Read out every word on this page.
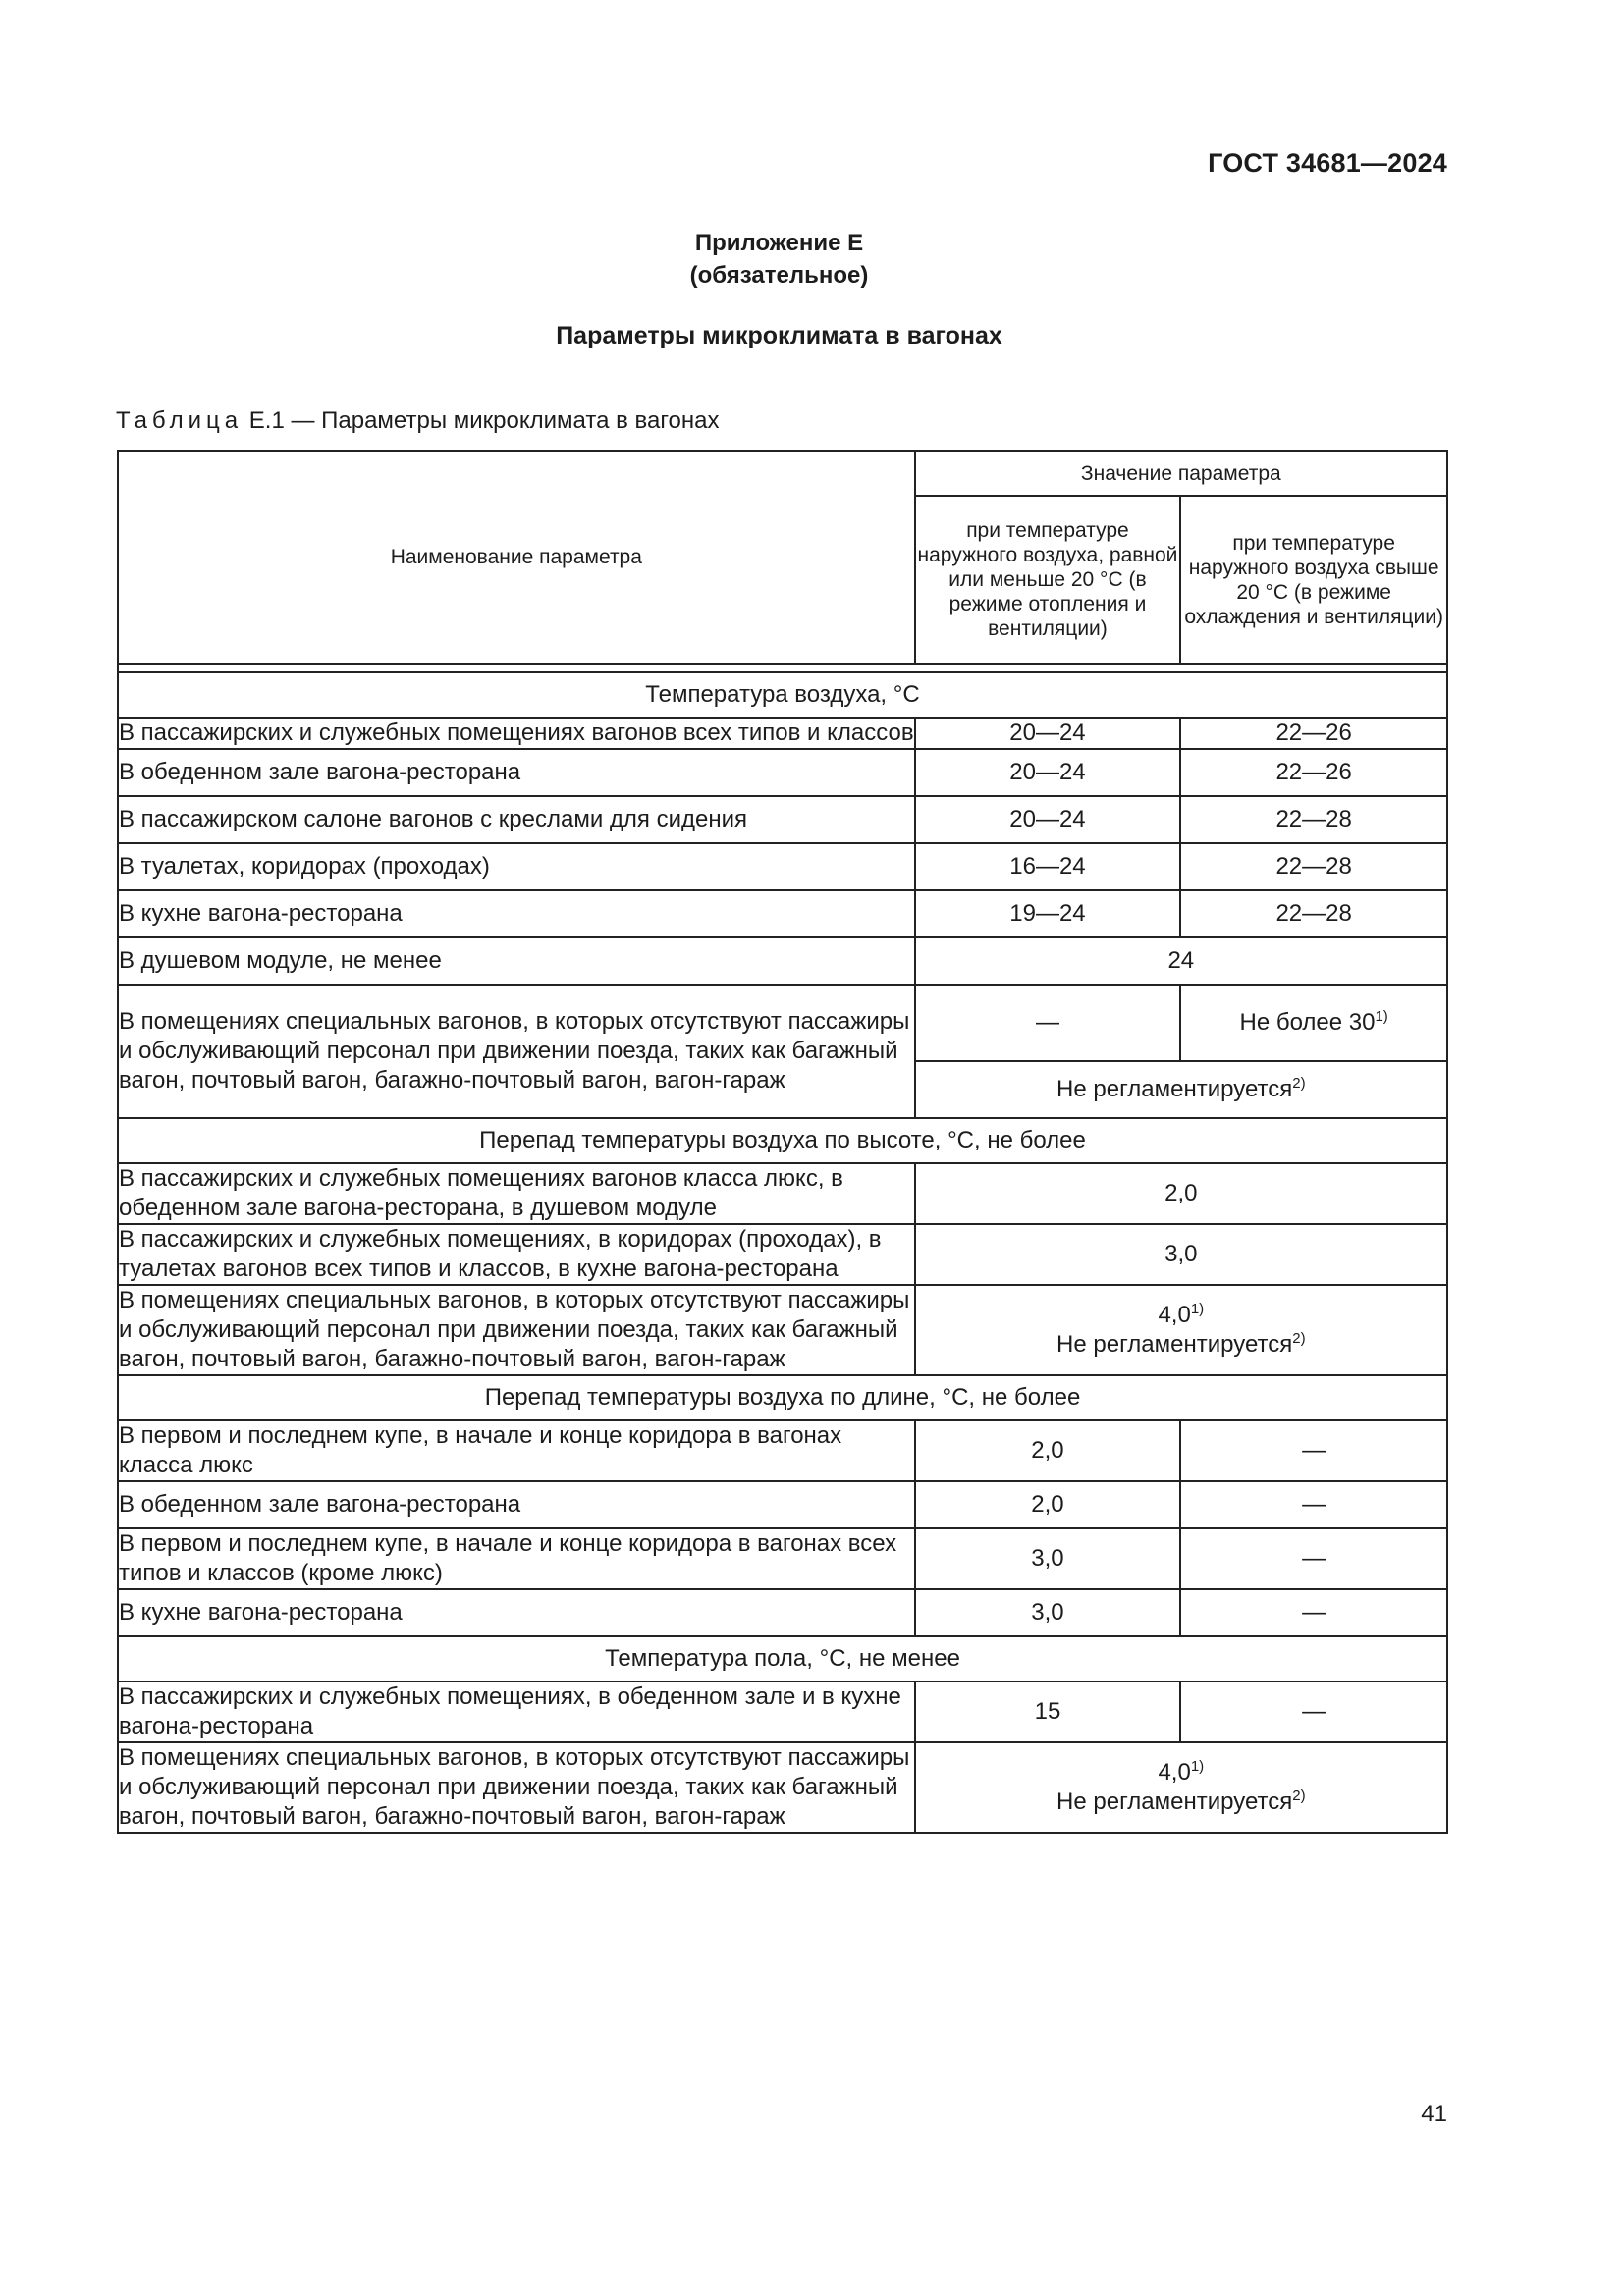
ГОСТ 34681—2024
Приложение Е
(обязательное)
Параметры микроклимата в вагонах
Таблица Е.1 — Параметры микроклимата в вагонах
Наименование параметра	Значение параметра	
	при температуре наружного воздуха, равной или меньше 20 °С (в режиме отопления и вентиляции)	при температуре наружного воздуха свыше 20 °С (в режиме охлаждения и вентиляции)

Температура воздуха, °С		
В пассажирских и служебных помещениях вагонов всех типов и классов	20—24	22—26
В обеденном зале вагона-ресторана	20—24	22—26
В пассажирском салоне вагонов с креслами для сидения	20—24	22—28
В туалетах, коридорах (проходах)	16—24	22—28
В кухне вагона-ресторана	19—24	22—28
В душевом модуле, не менее	24	
В помещениях специальных вагонов, в которых отсутствуют пассажиры и обслуживающий персонал при движении поезда, таких как багажный вагон, почтовый вагон, багажно-почтовый вагон, вагон-гараж	—	Не более 30$^{1)}$
	Не регламентируется$^{2)}$
Перепад температуры воздуха по высоте, °С, не более		
В пассажирских и служебных помещениях вагонов класса люкс, в обеденном зале вагона-ресторана, в душевом модуле	2,0	
В пассажирских и служебных помещениях, в коридорах (проходах), в туалетах вагонов всех типов и классов, в кухне вагона-ресторана	3,0	
В помещениях специальных вагонов, в которых отсутствуют пассажиры и обслуживающий персонал при движении поезда, таких как багажный вагон, почтовый вагон, багажно-почтовый вагон, вагон-гараж	4,0$^{1)}$
Не регламентируется$^{2)}$

Перепад температуры воздуха по длине, °С, не более		
В первом и последнем купе, в начале и конце коридора в вагонах класса люкс	2,0	—
В обеденном зале вагона-ресторана	2,0	—
В первом и последнем купе, в начале и конце коридора в вагонах всех типов и классов (кроме люкс)	3,0	—
В кухне вагона-ресторана	3,0	—
Температура пола, °С, не менее		
В пассажирских и служебных помещениях, в обеденном зале и в кухне вагона-ресторана	15	—
В помещениях специальных вагонов, в которых отсутствуют пассажиры и обслуживающий персонал при движении поезда, таких как багажный вагон, почтовый вагон, багажно-почтовый вагон, вагон-гараж	4,0$^{1)}$
Не регламентируется$^{2)}$
41
